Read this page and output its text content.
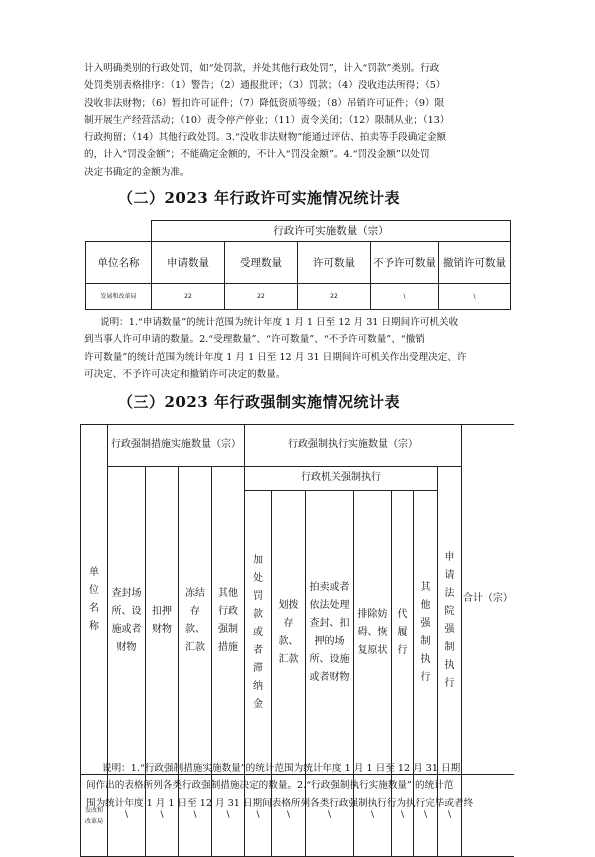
计入明确类别的行政处罚，如“处罚款，并处其他行政处罚”，计入“罚款”类别。行政
处罚类别表格排序：（1）警告；（2）通报批评；（3）罚款；（4）没收违法所得；（5）
没收非法财物；（6）暂扣许可证件；（7）降低资质等级；（8）吊销许可证件；（9）限
制开展生产经营活动；（10）责令停产停业；（11）责令关闭；（12）限制从业；（13）
行政拘留；（14）其他行政处罚。3.“没收非法财物”能通过评估、拍卖等手段确定金额
的，计入“罚没金额”；不能确定金额的，不计入“罚没金额”。4.“罚没金额”以处罚
决定书确定的金额为准。
（二）2023 年行政许可实施情况统计表
	行政许可实施数量（宗）				
单位名称	申请数量	受理数量	许可数量	不予许可数量	撤销许可数量
发展和改革局	22	22	22	\	\
说明：1.“申请数量”的统计范围为统计年度 1 月 1 日至 12 月 31 日期间许可机关收
到当事人许可申请的数量。2.“受理数量”、“许可数量”、“不予许可数量”、“撤销
许可数量”的统计范围为统计年度 1 月 1 日至 12 月 31 日期间许可机关作出受理决定、许
可决定、不予许可决定和撤销许可决定的数量。
（三）2023 年行政强制实施情况统计表
单位名称	行政强制措施实施数量（宗）				行政强制执行实施数量（宗）							合计（宗）
	查封场所、设施或者财物	扣押财物	冻结存款、汇款	其他行政强制措施	行政机关强制执行						申请法院强制执行	
					加处罚款或者滞纳金	划拨存款、汇款	拍卖或者依法处理查封、扣押的场所、设施或者财物	排除妨碍、恢复原状	代履行	其他强制执行		
发改和改革局	\	\	\	\	\	\	\	\	\	\	\	
说明：1.“行政强制措施实施数量”的统计范围为统计年度 1 月 1 日至 12 月 31 日期
间作出的表格所列各类行政强制措施决定的数量。2.“行政强制执行实施数量” 的统计范
围为统计年度 1 月 1 日至 12 月 31 日期间表格所列各类行政强制执行行为执行完毕或者终
